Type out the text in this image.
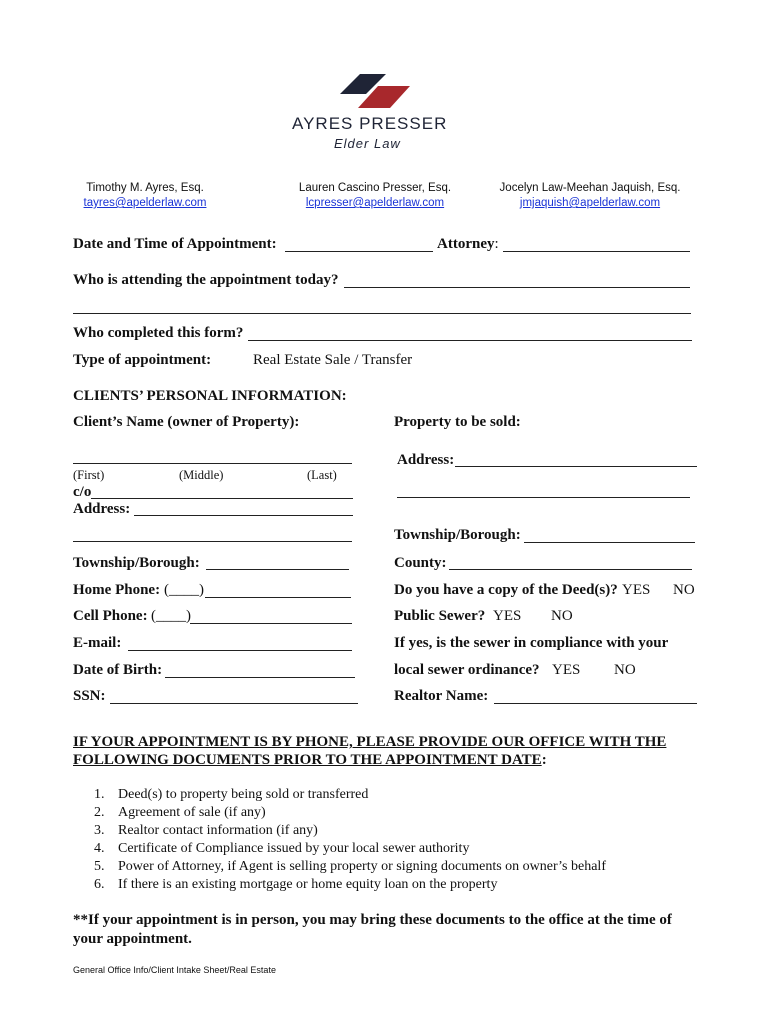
AYRES PRESSER
Elder Law
Timothy M. Ayres, Esq.
tayres@apelderlaw.com
Lauren Cascino Presser, Esq.
lcpresser@apelderlaw.com
Jocelyn Law-Meehan Jaquish, Esq.
jmjaquish@apelderlaw.com
Date and Time of Appointment:	Attorney:
Who is attending the appointment today?
Who completed this form?
Type of appointment:	Real Estate Sale / Transfer
CLIENTS’ PERSONAL INFORMATION:
Client’s Name (owner of Property):
(First)	(Middle)	(Last)
c/o
Address:
Township/Borough:
Home Phone: (____)
Cell Phone: (____)
E-mail:
Date of Birth:
SSN:
Property to be sold:
Address:
Township/Borough:
County:
Do you have a copy of the Deed(s)? YES NO
Public Sewer? YES NO
If yes, is the sewer in compliance with your
local sewer ordinance? YES NO
Realtor Name:
IF YOUR APPOINTMENT IS BY PHONE, PLEASE PROVIDE OUR OFFICE WITH THE
FOLLOWING DOCUMENTS PRIOR TO THE APPOINTMENT DATE:
1. Deed(s) to property being sold or transferred
2. Agreement of sale (if any)
3. Realtor contact information (if any)
4. Certificate of Compliance issued by your local sewer authority
5. Power of Attorney, if Agent is selling property or signing documents on owner’s behalf
6. If there is an existing mortgage or home equity loan on the property
**If your appointment is in person, you may bring these documents to the office at the time of your appointment.
General Office Info/Client Intake Sheet/Real Estate
